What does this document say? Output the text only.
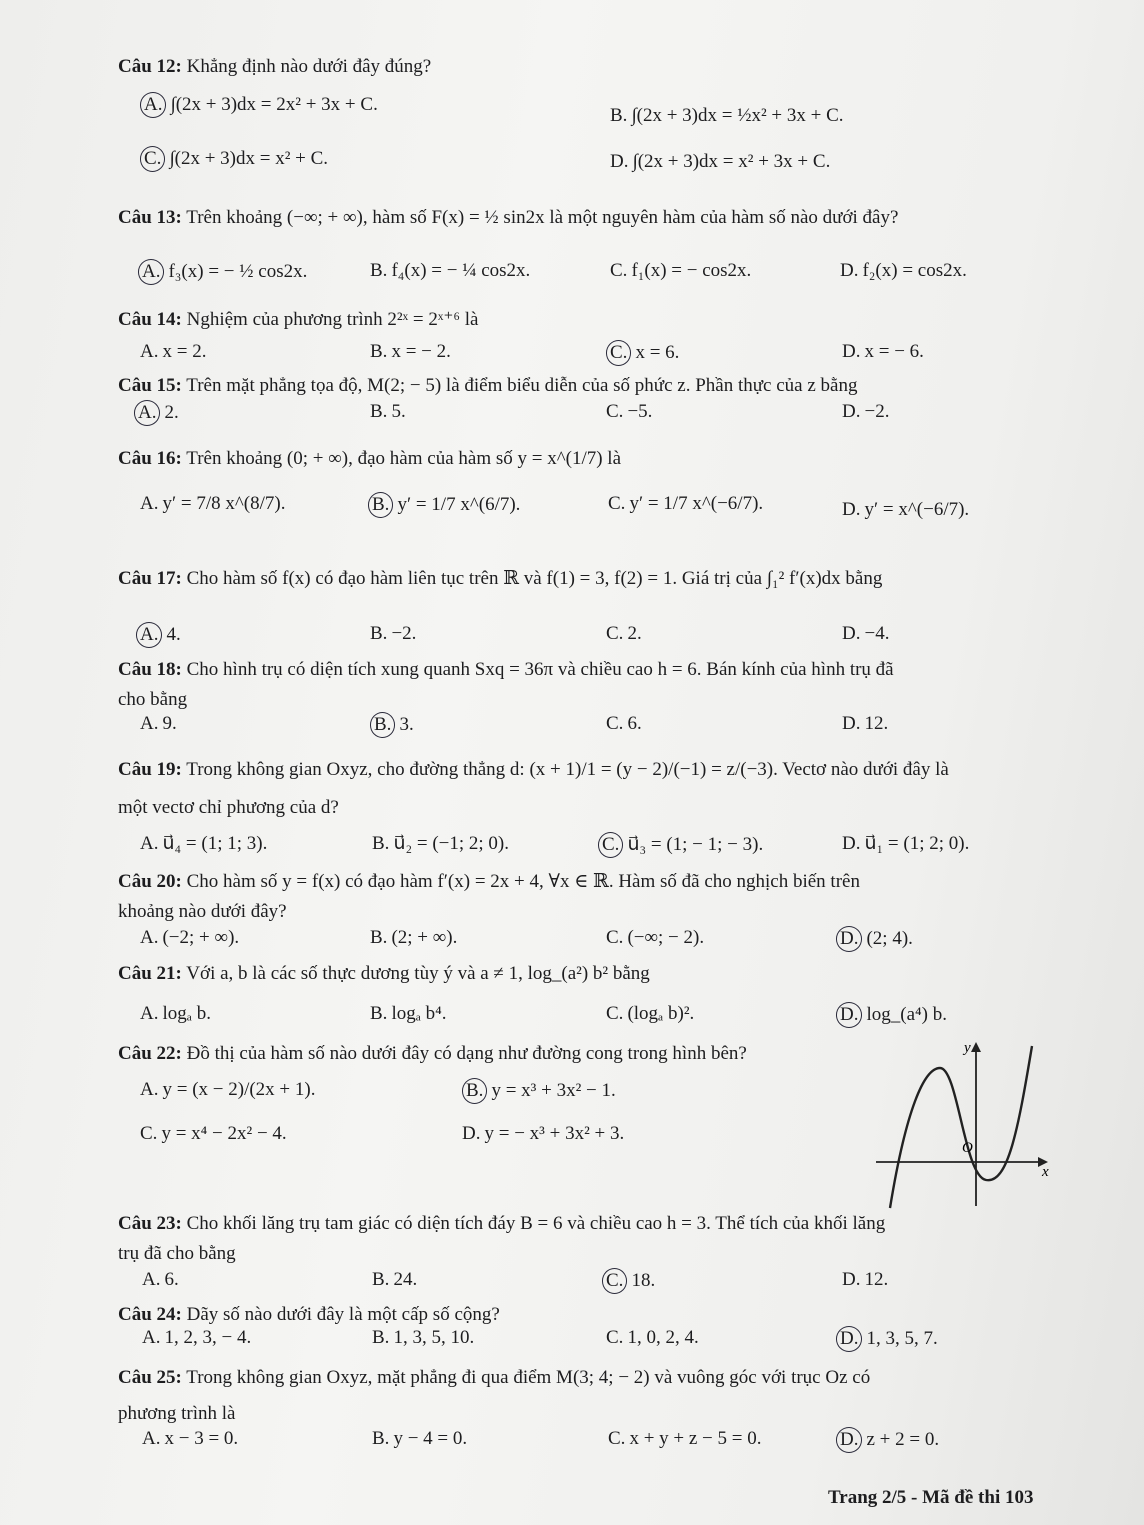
Câu 12: Khẳng định nào dưới đây đúng?
A. ∫(2x + 3)dx = 2x² + 3x + C.
B. ∫(2x + 3)dx = ½x² + 3x + C.
C. ∫(2x + 3)dx = x² + C.	D. ∫(2x + 3)dx = x² + 3x + C.
Câu 13: Trên khoảng (−∞; + ∞), hàm số F(x) = ½ sin2x là một nguyên hàm của hàm số nào dưới đây?
A. f₃(x) = − ½ cos2x.	B. f₄(x) = − ¼ cos2x.	C. f₁(x) = − cos2x.	D. f₂(x) = cos2x.
Câu 14: Nghiệm của phương trình 2²ˣ = 2ˣ⁺⁶ là
A. x = 2.	B. x = − 2.	C. x = 6.	D. x = − 6.
Câu 15: Trên mặt phẳng tọa độ, M(2; − 5) là điểm biểu diễn của số phức z. Phần thực của z bằng
A. 2.	B. 5.	C. −5.	D. −2.
Câu 16: Trên khoảng (0; + ∞), đạo hàm của hàm số y = x^(1/7) là
A. y′ = 7/8 x^(8/7).	B. y′ = 1/7 x^(6/7).	C. y′ = 1/7 x^(−6/7).	D. y′ = x^(−6/7).
Câu 17: Cho hàm số f(x) có đạo hàm liên tục trên ℝ và f(1) = 3, f(2) = 1. Giá trị của ∫₁² f′(x)dx bằng
A. 4.	B. −2.	C. 2.	D. −4.
Câu 18: Cho hình trụ có diện tích xung quanh Sxq = 36π và chiều cao h = 6. Bán kính của hình trụ đã
cho bằng
A. 9.	B. 3.	C. 6.	D. 12.
Câu 19: Trong không gian Oxyz, cho đường thẳng d: (x + 1)/1 = (y − 2)/(−1) = z/(−3). Vectơ nào dưới đây là
một vectơ chỉ phương của d?
A. u⃗₄ = (1; 1; 3).	B. u⃗₂ = (−1; 2; 0).	C. u⃗₃ = (1; − 1; − 3).	D. u⃗₁ = (1; 2; 0).
Câu 20: Cho hàm số y = f(x) có đạo hàm f′(x) = 2x + 4, ∀x ∈ ℝ. Hàm số đã cho nghịch biến trên
khoảng nào dưới đây?
A. (−2; + ∞).	B. (2; + ∞).	C. (−∞; − 2).	D. (2; 4).
Câu 21: Với a, b là các số thực dương tùy ý và a ≠ 1, log_(a²) b² bằng
A. logₐ b.	B. logₐ b⁴.	C. (logₐ b)².	D. log_(a⁴) b.
Câu 22: Đồ thị của hàm số nào dưới đây có dạng như đường cong trong hình bên?
A. y = (x − 2)/(2x + 1).	B. y = x³ + 3x² − 1.
C. y = x⁴ − 2x² − 4.	D. y = − x³ + 3x² + 3.
y
x
O
Câu 23: Cho khối lăng trụ tam giác có diện tích đáy B = 6 và chiều cao h = 3. Thể tích của khối lăng
trụ đã cho bằng
A. 6.	B. 24.	C. 18.	D. 12.
Câu 24: Dãy số nào dưới đây là một cấp số cộng?
A. 1, 2, 3, − 4.	B. 1, 3, 5, 10.	C. 1, 0, 2, 4.	D. 1, 3, 5, 7.
Câu 25: Trong không gian Oxyz, mặt phẳng đi qua điểm M(3; 4; − 2) và vuông góc với trục Oz có
phương trình là
A. x − 3 = 0.	B. y − 4 = 0.	C. x + y + z − 5 = 0.	D. z + 2 = 0.
Trang 2/5 - Mã đề thi 103
